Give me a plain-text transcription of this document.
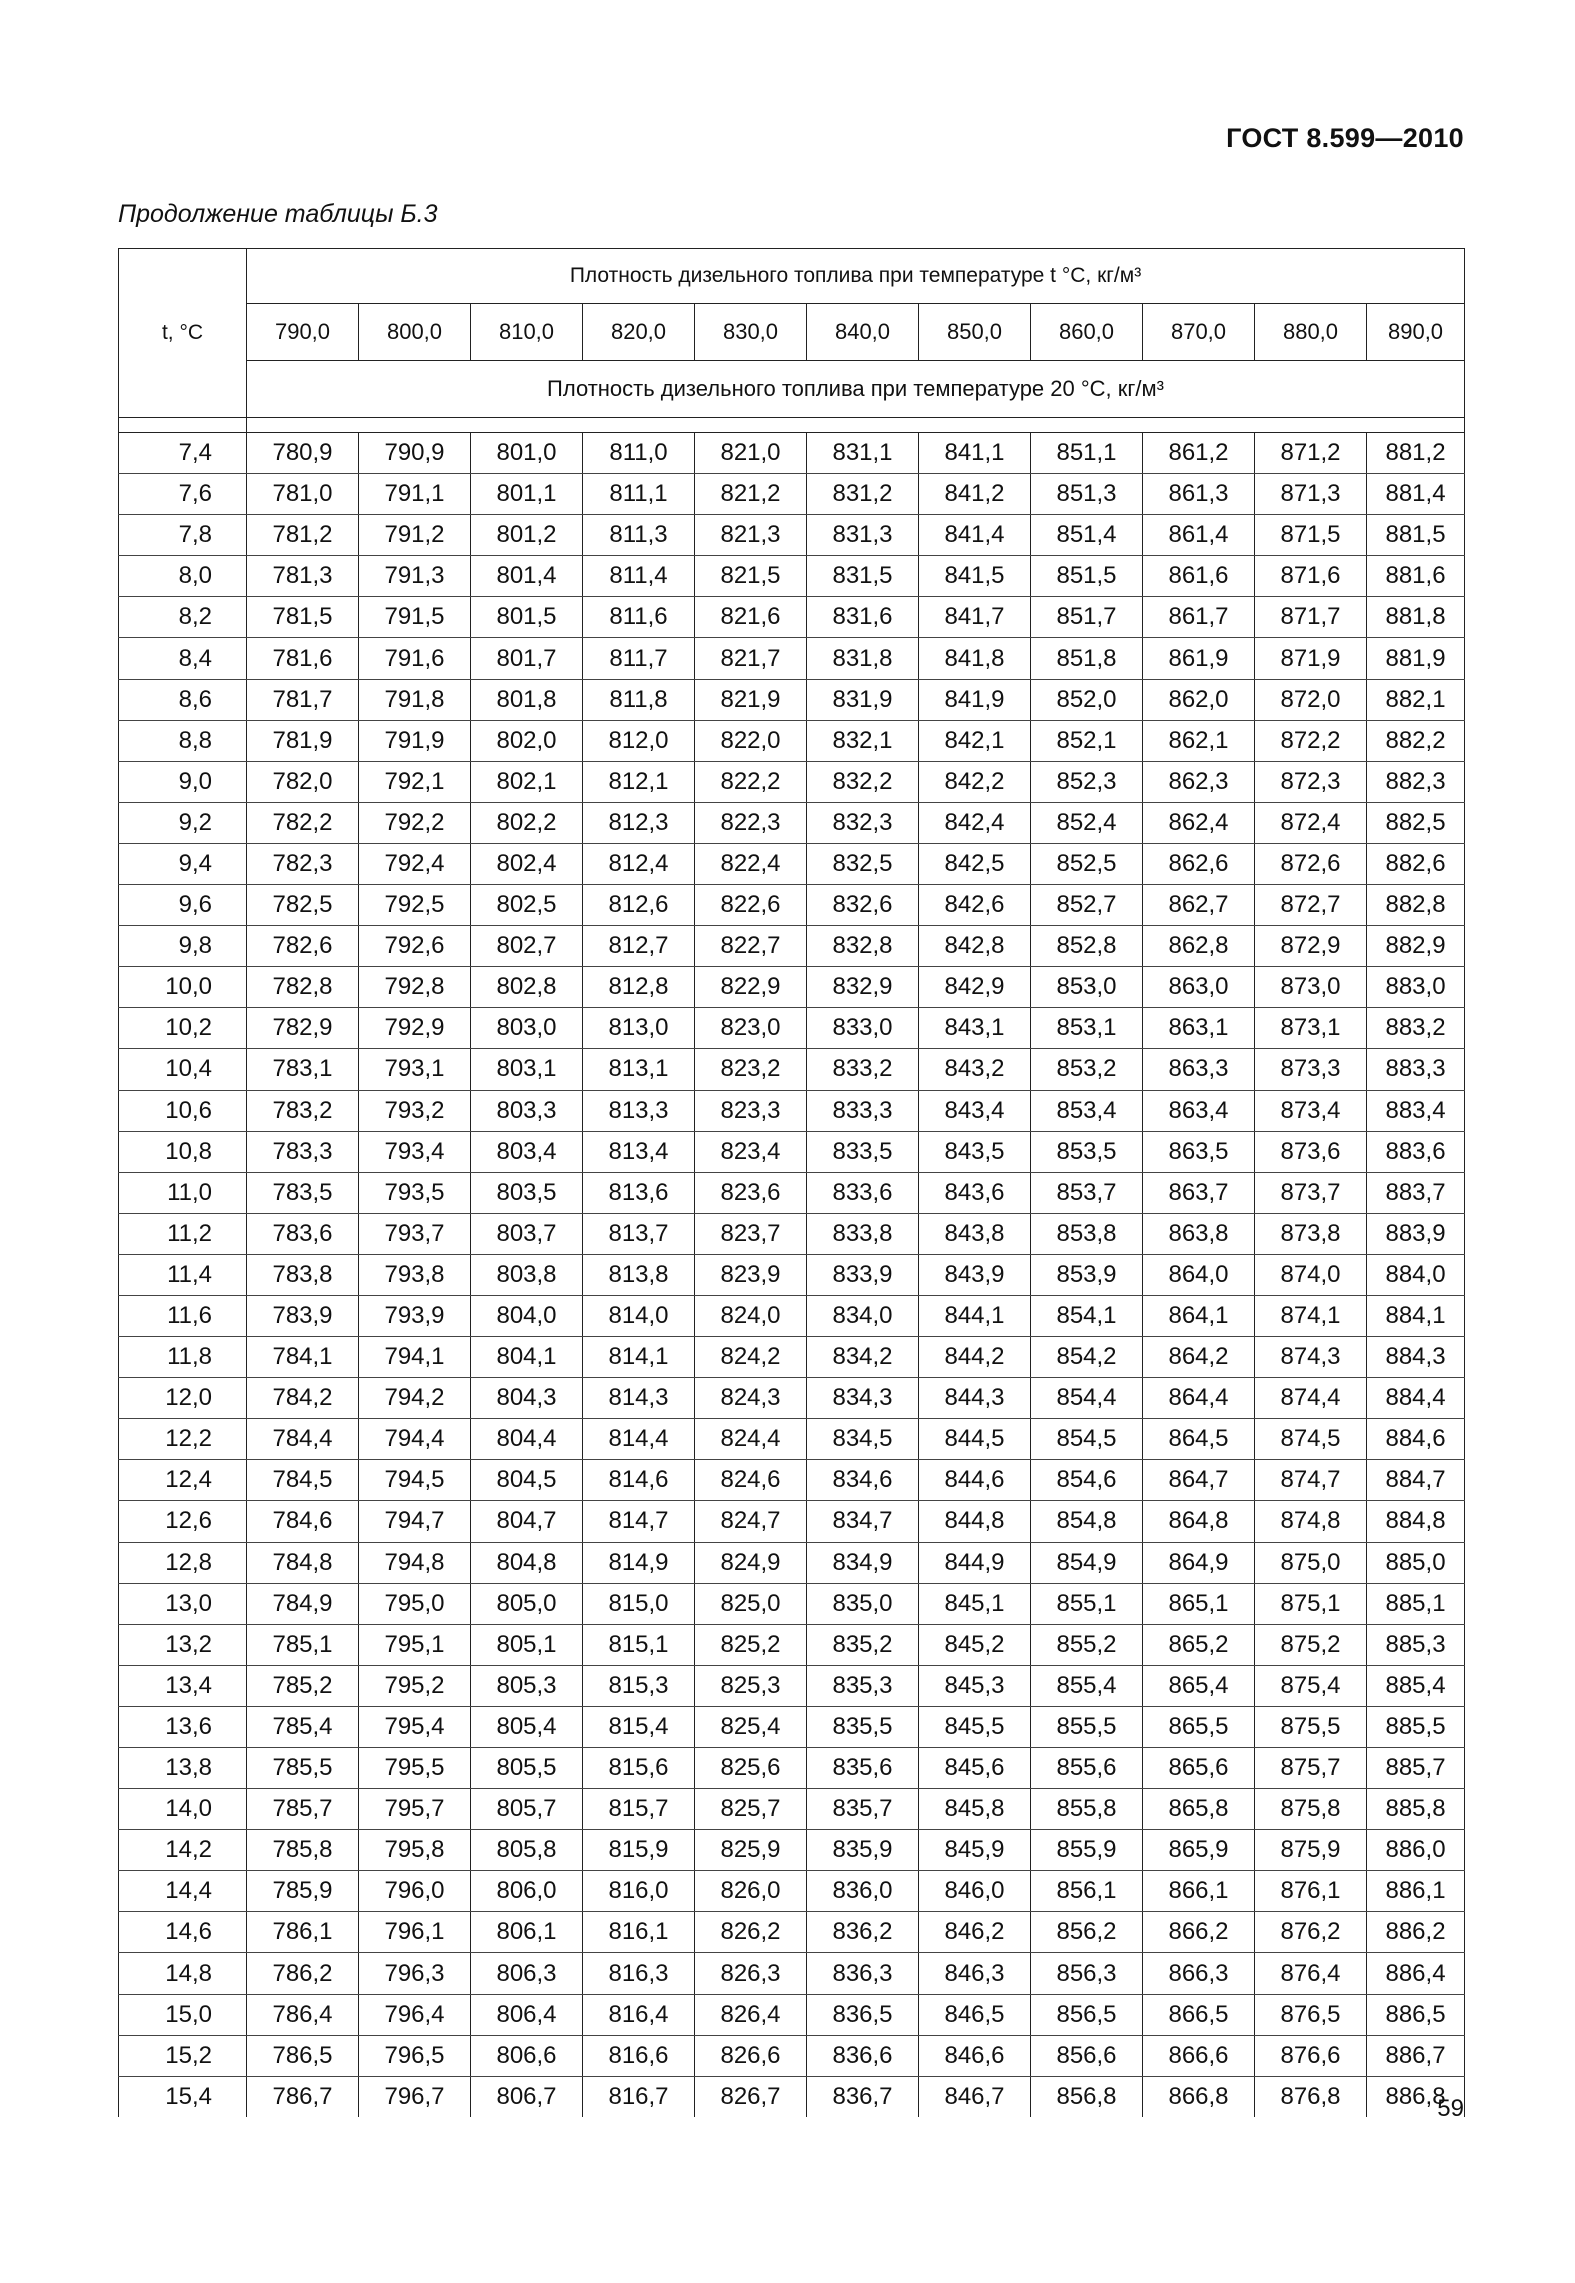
ГОСТ 8.599—2010
Продолжение таблицы Б.3
t, °C	Плотность дизельного топлива при температуре t °C, кг/м³										
	790,0	800,0	810,0	820,0	830,0	840,0	850,0	860,0	870,0	880,0	890,0
	Плотность дизельного топлива при температуре 20 °C, кг/м³										

7,4	780,9	790,9	801,0	811,0	821,0	831,1	841,1	851,1	861,2	871,2	881,2
7,6	781,0	791,1	801,1	811,1	821,2	831,2	841,2	851,3	861,3	871,3	881,4
7,8	781,2	791,2	801,2	811,3	821,3	831,3	841,4	851,4	861,4	871,5	881,5
8,0	781,3	791,3	801,4	811,4	821,5	831,5	841,5	851,5	861,6	871,6	881,6
8,2	781,5	791,5	801,5	811,6	821,6	831,6	841,7	851,7	861,7	871,7	881,8
8,4	781,6	791,6	801,7	811,7	821,7	831,8	841,8	851,8	861,9	871,9	881,9
8,6	781,7	791,8	801,8	811,8	821,9	831,9	841,9	852,0	862,0	872,0	882,1
8,8	781,9	791,9	802,0	812,0	822,0	832,1	842,1	852,1	862,1	872,2	882,2
9,0	782,0	792,1	802,1	812,1	822,2	832,2	842,2	852,3	862,3	872,3	882,3
9,2	782,2	792,2	802,2	812,3	822,3	832,3	842,4	852,4	862,4	872,4	882,5
9,4	782,3	792,4	802,4	812,4	822,4	832,5	842,5	852,5	862,6	872,6	882,6
9,6	782,5	792,5	802,5	812,6	822,6	832,6	842,6	852,7	862,7	872,7	882,8
9,8	782,6	792,6	802,7	812,7	822,7	832,8	842,8	852,8	862,8	872,9	882,9
10,0	782,8	792,8	802,8	812,8	822,9	832,9	842,9	853,0	863,0	873,0	883,0
10,2	782,9	792,9	803,0	813,0	823,0	833,0	843,1	853,1	863,1	873,1	883,2
10,4	783,1	793,1	803,1	813,1	823,2	833,2	843,2	853,2	863,3	873,3	883,3
10,6	783,2	793,2	803,3	813,3	823,3	833,3	843,4	853,4	863,4	873,4	883,4
10,8	783,3	793,4	803,4	813,4	823,4	833,5	843,5	853,5	863,5	873,6	883,6
11,0	783,5	793,5	803,5	813,6	823,6	833,6	843,6	853,7	863,7	873,7	883,7
11,2	783,6	793,7	803,7	813,7	823,7	833,8	843,8	853,8	863,8	873,8	883,9
11,4	783,8	793,8	803,8	813,8	823,9	833,9	843,9	853,9	864,0	874,0	884,0
11,6	783,9	793,9	804,0	814,0	824,0	834,0	844,1	854,1	864,1	874,1	884,1
11,8	784,1	794,1	804,1	814,1	824,2	834,2	844,2	854,2	864,2	874,3	884,3
12,0	784,2	794,2	804,3	814,3	824,3	834,3	844,3	854,4	864,4	874,4	884,4
12,2	784,4	794,4	804,4	814,4	824,4	834,5	844,5	854,5	864,5	874,5	884,6
12,4	784,5	794,5	804,5	814,6	824,6	834,6	844,6	854,6	864,7	874,7	884,7
12,6	784,6	794,7	804,7	814,7	824,7	834,7	844,8	854,8	864,8	874,8	884,8
12,8	784,8	794,8	804,8	814,9	824,9	834,9	844,9	854,9	864,9	875,0	885,0
13,0	784,9	795,0	805,0	815,0	825,0	835,0	845,1	855,1	865,1	875,1	885,1
13,2	785,1	795,1	805,1	815,1	825,2	835,2	845,2	855,2	865,2	875,2	885,3
13,4	785,2	795,2	805,3	815,3	825,3	835,3	845,3	855,4	865,4	875,4	885,4
13,6	785,4	795,4	805,4	815,4	825,4	835,5	845,5	855,5	865,5	875,5	885,5
13,8	785,5	795,5	805,5	815,6	825,6	835,6	845,6	855,6	865,6	875,7	885,7
14,0	785,7	795,7	805,7	815,7	825,7	835,7	845,8	855,8	865,8	875,8	885,8
14,2	785,8	795,8	805,8	815,9	825,9	835,9	845,9	855,9	865,9	875,9	886,0
14,4	785,9	796,0	806,0	816,0	826,0	836,0	846,0	856,1	866,1	876,1	886,1
14,6	786,1	796,1	806,1	816,1	826,2	836,2	846,2	856,2	866,2	876,2	886,2
14,8	786,2	796,3	806,3	816,3	826,3	836,3	846,3	856,3	866,3	876,4	886,4
15,0	786,4	796,4	806,4	816,4	826,4	836,5	846,5	856,5	866,5	876,5	886,5
15,2	786,5	796,5	806,6	816,6	826,6	836,6	846,6	856,6	866,6	876,6	886,7
15,4	786,7	796,7	806,7	816,7	826,7	836,7	846,7	856,8	866,8	876,8	886,8
59
